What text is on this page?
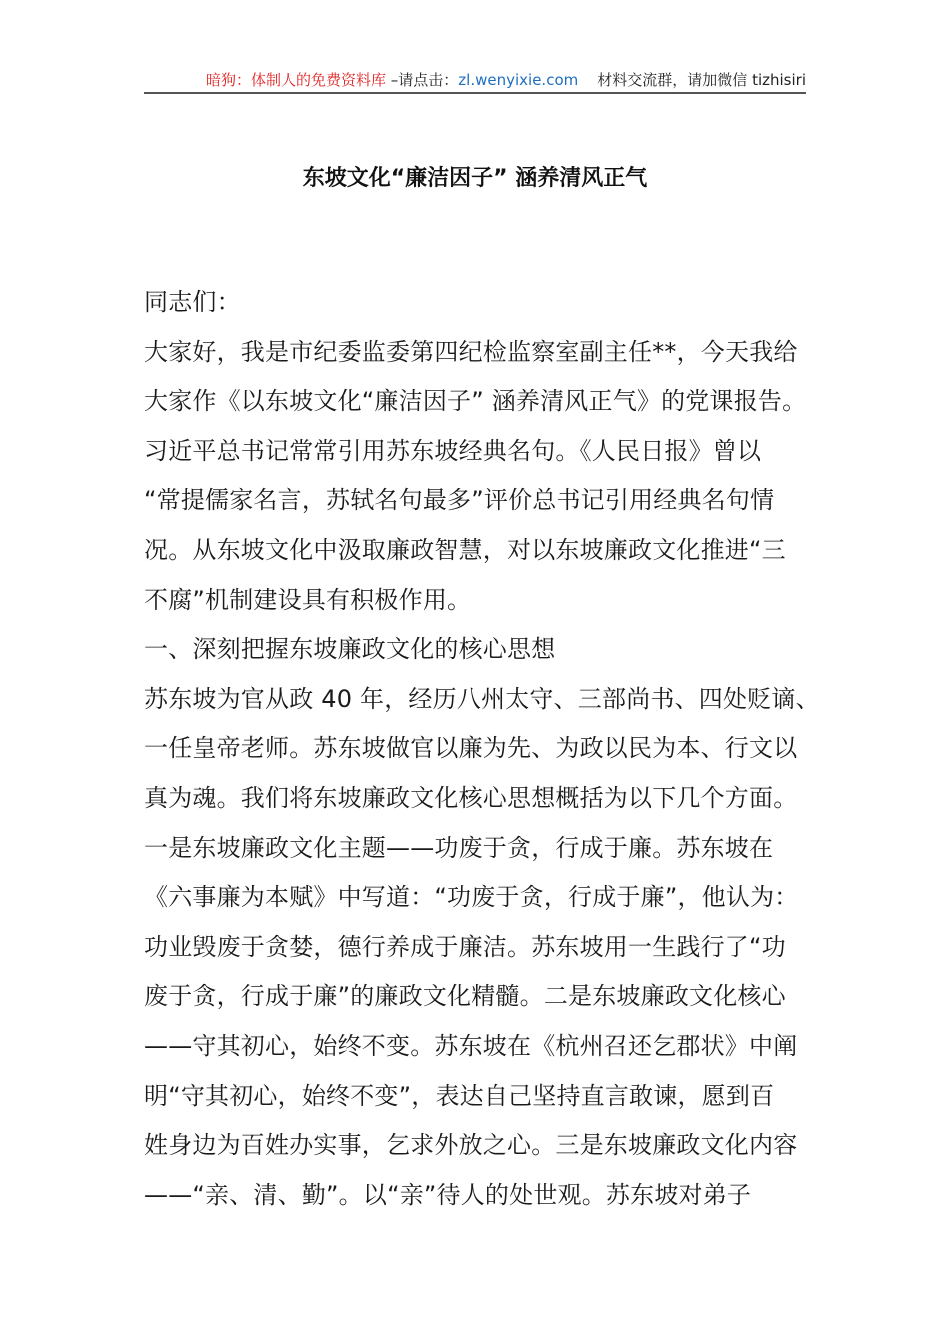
暗狗：体制人的免费资料库 –请点击：zl.wenyixie.com    材料交流群，请加微信 tizhisiri
东坡文化“廉洁因子” 涵养清风正气
同志们：
大家好，我是市纪委监委第四纪检监察室副主任**，今天我给
大家作《以东坡文化“廉洁因子” 涵养清风正气》的党课报告。
习近平总书记常常引用苏东坡经典名句。《人民日报》曾以
“常提儒家名言，苏轼名句最多”评价总书记引用经典名句情
况。从东坡文化中汲取廉政智慧，对以东坡廉政文化推进“三
不腐”机制建设具有积极作用。
一、深刻把握东坡廉政文化的核心思想
苏东坡为官从政 40 年，经历八州太守、三部尚书、四处贬谪、
一任皇帝老师。苏东坡做官以廉为先、为政以民为本、行文以
真为魂。我们将东坡廉政文化核心思想概括为以下几个方面。
一是东坡廉政文化主题——功废于贪，行成于廉。苏东坡在
《六事廉为本赋》中写道：“功废于贪，行成于廉”，他认为：
功业毁废于贪婪，德行养成于廉洁。苏东坡用一生践行了“功
废于贪，行成于廉”的廉政文化精髓。二是东坡廉政文化核心
——守其初心，始终不变。苏东坡在《杭州召还乞郡状》中阐
明“守其初心，始终不变”，表达自己坚持直言敢谏，愿到百
姓身边为百姓办实事，乞求外放之心。三是东坡廉政文化内容
——“亲、清、勤”。以“亲”待人的处世观。苏东坡对弟子
